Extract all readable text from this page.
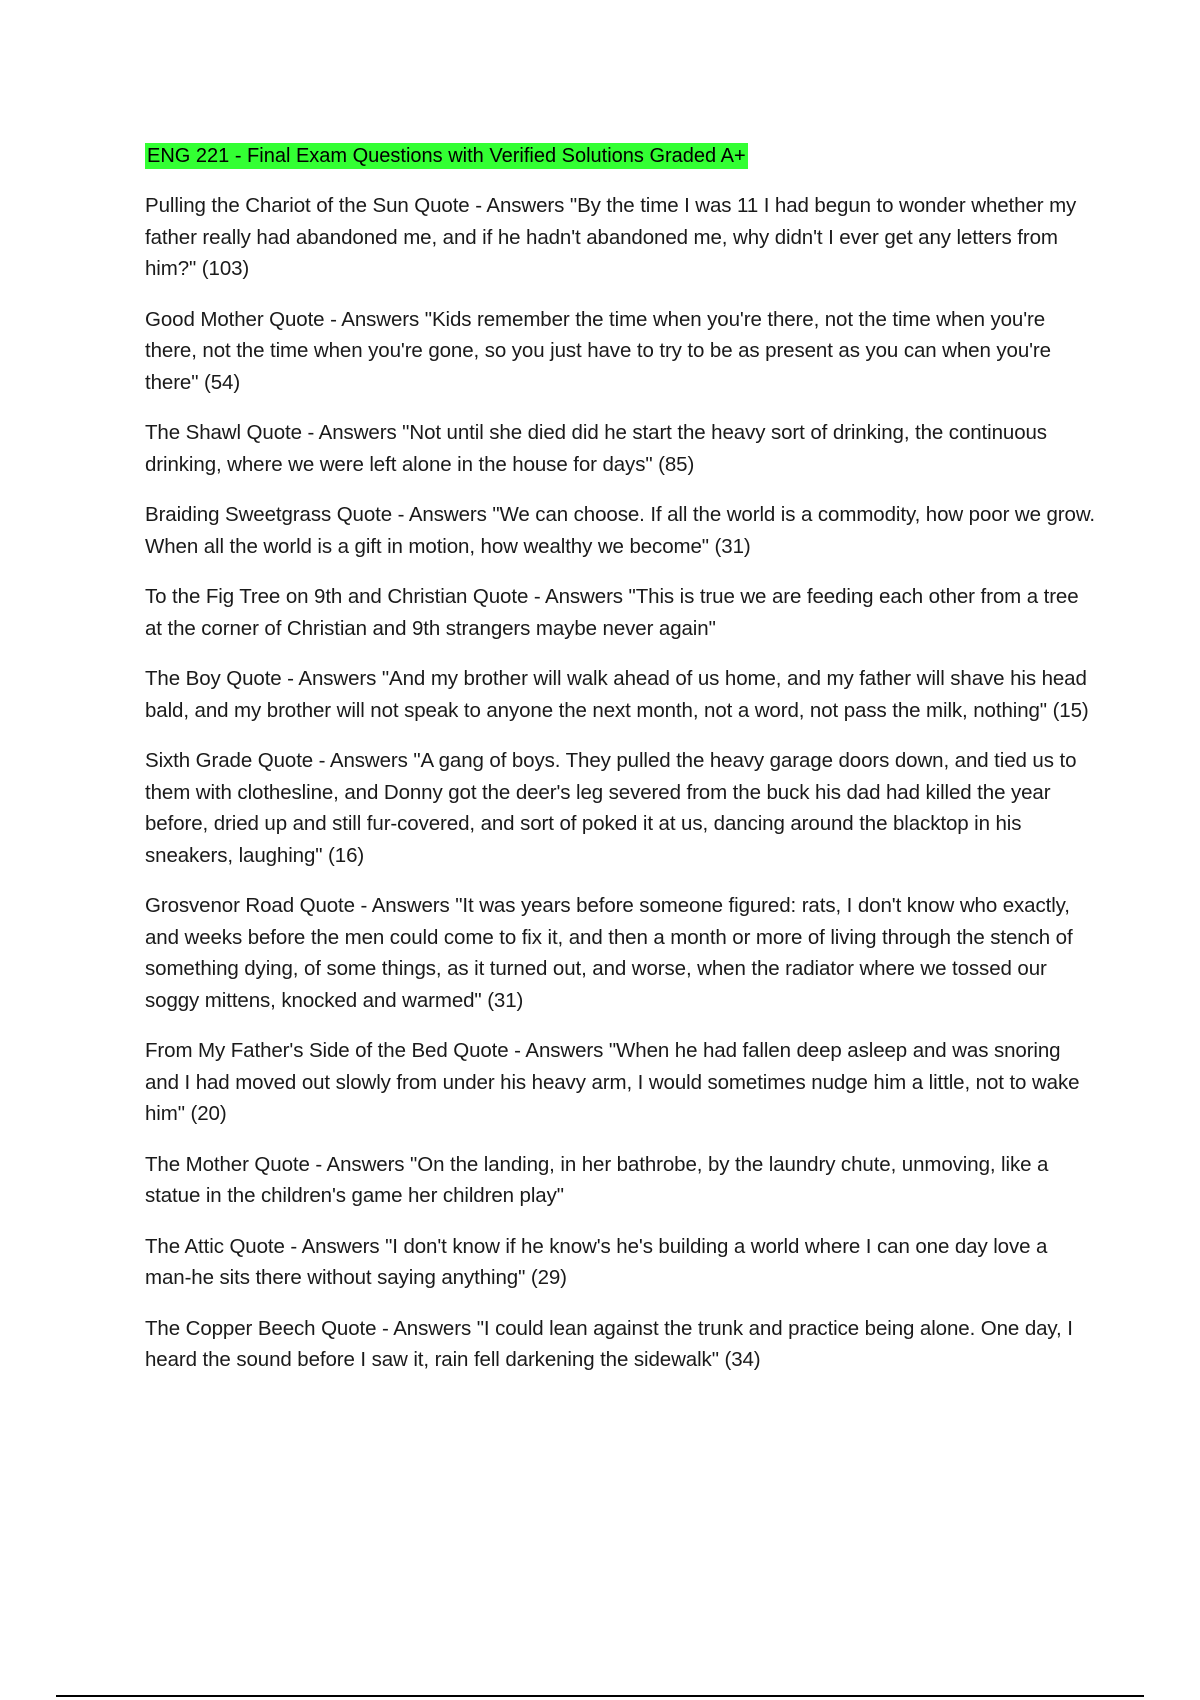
ENG 221 - Final Exam Questions with Verified Solutions Graded A+

Pulling the Chariot of the Sun Quote - Answers "By the time I was 11 I had begun to wonder whether my father really had abandoned me, and if he hadn't abandoned me, why didn't I ever get any letters from him?" (103)

Good Mother Quote - Answers "Kids remember the time when you're there, not the time when you're there, not the time when you're gone, so you just have to try to be as present as you can when you're there" (54)

The Shawl Quote - Answers "Not until she died did he start the heavy sort of drinking, the continuous drinking, where we were left alone in the house for days" (85)

Braiding Sweetgrass Quote - Answers "We can choose. If all the world is a commodity, how poor we grow. When all the world is a gift in motion, how wealthy we become" (31)

To the Fig Tree on 9th and Christian Quote - Answers "This is true we are feeding each other from a tree at the corner of Christian and 9th strangers maybe never again"

The Boy Quote - Answers "And my brother will walk ahead of us home, and my father will shave his head bald, and my brother will not speak to anyone the next month, not a word, not pass the milk, nothing" (15)

Sixth Grade Quote - Answers "A gang of boys. They pulled the heavy garage doors down, and tied us to them with clothesline, and Donny got the deer's leg severed from the buck his dad had killed the year before, dried up and still fur-covered, and sort of poked it at us, dancing around the blacktop in his sneakers, laughing" (16)

Grosvenor Road Quote - Answers "It was years before someone figured: rats, I don't know who exactly, and weeks before the men could come to fix it, and then a month or more of living through the stench of something dying, of some things, as it turned out, and worse, when the radiator where we tossed our soggy mittens, knocked and warmed" (31)

From My Father's Side of the Bed Quote - Answers "When he had fallen deep asleep and was snoring and I had moved out slowly from under his heavy arm, I would sometimes nudge him a little, not to wake him" (20)

The Mother Quote - Answers "On the landing, in her bathrobe, by the laundry chute, unmoving, like a statue in the children's game her children play"

The Attic Quote - Answers "I don't know if he know's he's building a world where I can one day love a man-he sits there without saying anything" (29)

The Copper Beech Quote - Answers "I could lean against the trunk and practice being alone. One day, I heard the sound before I saw it, rain fell darkening the sidewalk" (34)
